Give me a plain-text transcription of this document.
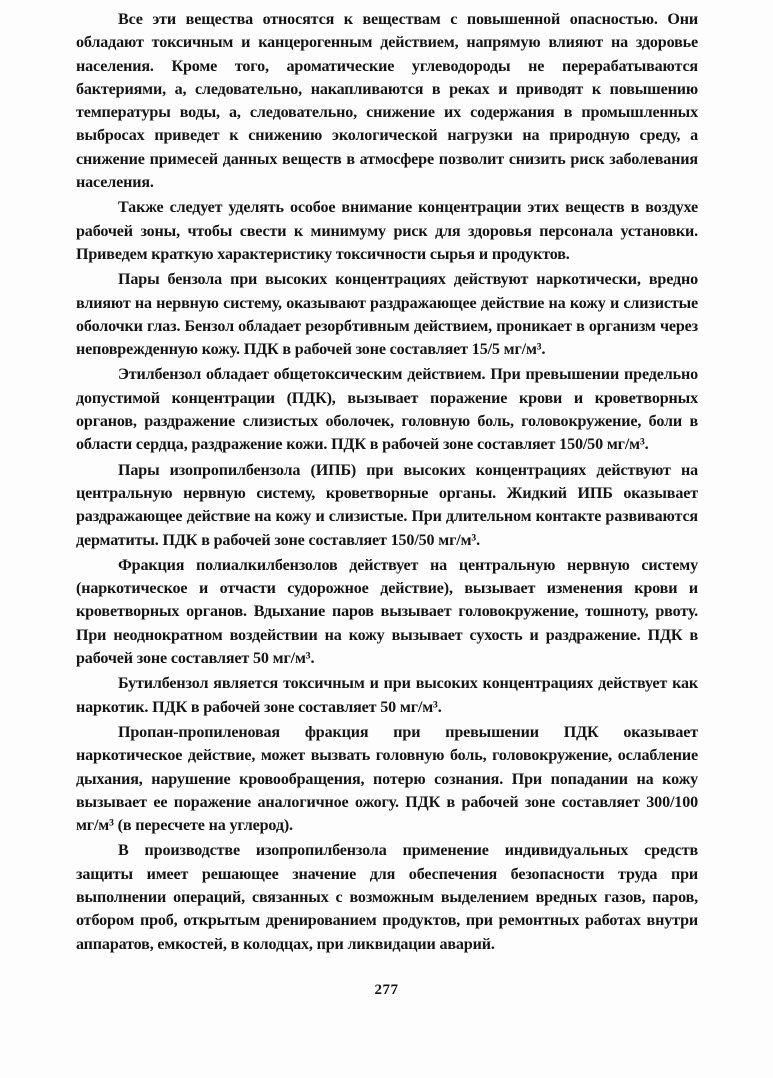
Все эти вещества относятся к веществам с повышенной опасностью. Они обладают токсичным и канцерогенным действием, напрямую влияют на здоровье населения. Кроме того, ароматические углеводороды не перерабатываются бактериями, а, следовательно, накапливаются в реках и приводят к повышению температуры воды, а, следовательно, снижение их содержания в промышленных выбросах приведет к снижению экологической нагрузки на природную среду, а снижение примесей данных веществ в атмосфере позволит снизить риск заболевания населения.

Также следует уделять особое внимание концентрации этих веществ в воздухе рабочей зоны, чтобы свести к минимуму риск для здоровья персонала установки. Приведем краткую характеристику токсичности сырья и продуктов.

Пары бензола при высоких концентрациях действуют наркотически, вредно влияют на нервную систему, оказывают раздражающее действие на кожу и слизистые оболочки глаз. Бензол обладает резорбтивным действием, проникает в организм через неповрежденную кожу. ПДК в рабочей зоне составляет 15/5 мг/м³.

Этилбензол обладает общетоксическим действием. При превышении предельно допустимой концентрации (ПДК), вызывает поражение крови и кроветворных органов, раздражение слизистых оболочек, головную боль, головокружение, боли в области сердца, раздражение кожи. ПДК в рабочей зоне составляет 150/50 мг/м³.

Пары изопропилбензола (ИПБ) при высоких концентрациях действуют на центральную нервную систему, кроветворные органы. Жидкий ИПБ оказывает раздражающее действие на кожу и слизистые. При длительном контакте развиваются дерматиты. ПДК в рабочей зоне составляет 150/50 мг/м³.

Фракция полиалкилбензолов действует на центральную нервную систему (наркотическое и отчасти судорожное действие), вызывает изменения крови и кроветворных органов. Вдыхание паров вызывает головокружение, тошноту, рвоту. При неоднократном воздействии на кожу вызывает сухость и раздражение. ПДК в рабочей зоне составляет 50 мг/м³.

Бутилбензол является токсичным и при высоких концентрациях действует как наркотик. ПДК в рабочей зоне составляет 50 мг/м³.

Пропан-пропиленовая фракция при превышении ПДК оказывает наркотическое действие, может вызвать головную боль, головокружение, ослабление дыхания, нарушение кровообращения, потерю сознания. При попадании на кожу вызывает ее поражение аналогичное ожогу. ПДК в рабочей зоне составляет 300/100 мг/м³ (в пересчете на углерод).

В производстве изопропилбензола применение индивидуальных средств защиты имеет решающее значение для обеспечения безопасности труда при выполнении операций, связанных с возможным выделением вредных газов, паров, отбором проб, открытым дренированием продуктов, при ремонтных работах внутри аппаратов, емкостей, в колодцах, при ликвидации аварий.

277
